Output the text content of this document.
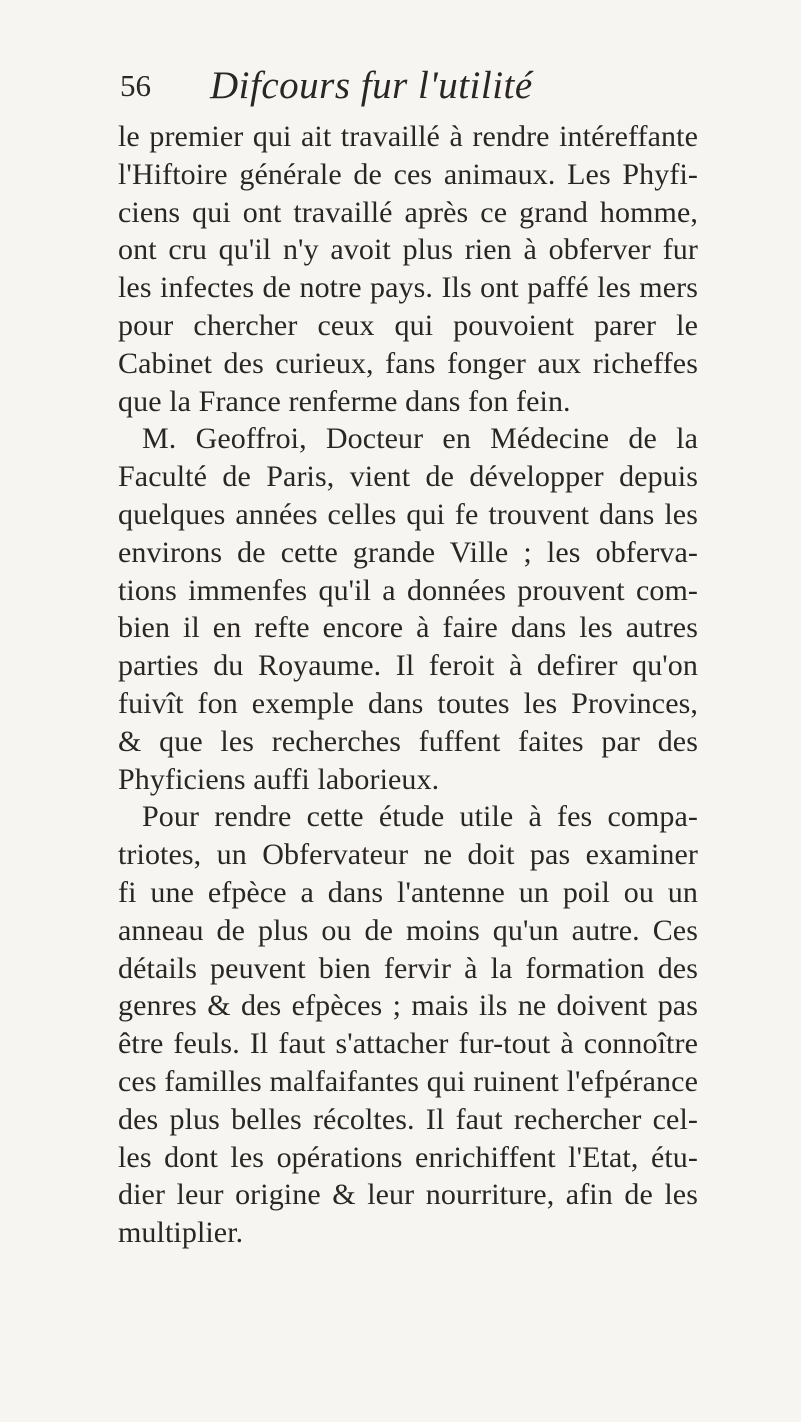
56 Difcours fur l'utilité
le premier qui ait travaillé à rendre intéreffante
l'Hiftoire générale de ces animaux. Les Phyfi-
ciens qui ont travaillé après ce grand homme,
ont cru qu'il n'y avoit plus rien à obferver fur
les infectes de notre pays. Ils ont paffé les mers
pour chercher ceux qui pouvoient parer le
Cabinet des curieux, fans fonger aux richeffes
que la France renferme dans fon fein.
M. Geoffroi, Docteur en Médecine de la
Faculté de Paris, vient de développer depuis
quelques années celles qui fe trouvent dans les
environs de cette grande Ville ; les obferva-
tions immenfes qu'il a données prouvent com-
bien il en refte encore à faire dans les autres
parties du Royaume. Il feroit à defirer qu'on
fuivît fon exemple dans toutes les Provinces,
& que les recherches fuffent faites par des
Phyficiens auffi laborieux.
Pour rendre cette étude utile à fes compa-
triotes, un Obfervateur ne doit pas examiner
fi une efpèce a dans l'antenne un poil ou un
anneau de plus ou de moins qu'un autre. Ces
détails peuvent bien fervir à la formation des
genres & des efpèces ; mais ils ne doivent pas
être feuls. Il faut s'attacher fur-tout à connoître
ces familles malfaifantes qui ruinent l'efpérance
des plus belles récoltes. Il faut rechercher cel-
les dont les opérations enrichiffent l'Etat, étu-
dier leur origine & leur nourriture, afin de les
multiplier.
